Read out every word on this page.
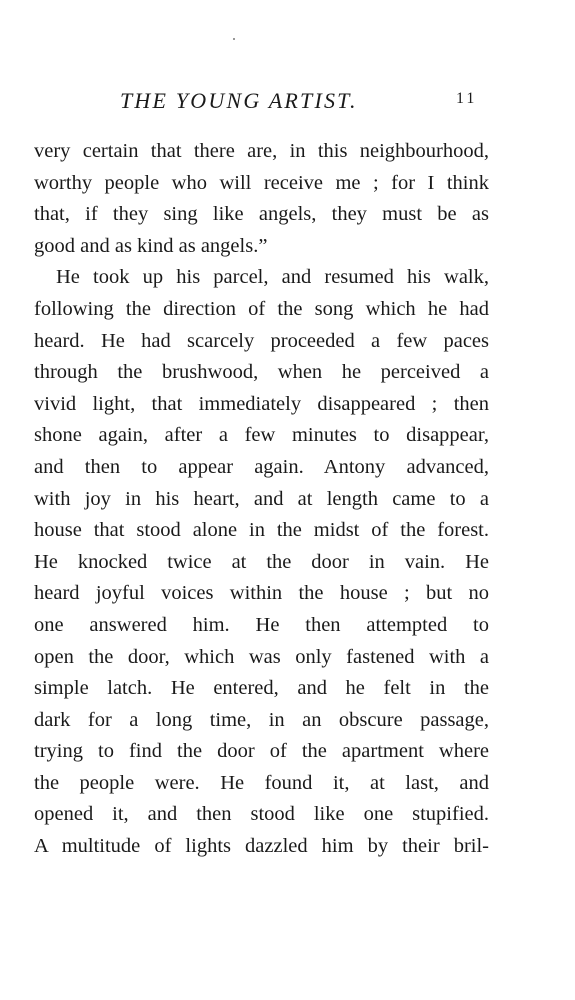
THE YOUNG ARTIST.	11
very certain that there are, in this neighbourhood,
worthy people who will receive me ; for I think
that, if they sing like angels, they must be as
good and as kind as angels.”
He took up his parcel, and resumed his walk,
following the direction of the song which he had
heard. He had scarcely proceeded a few paces
through the brushwood, when he perceived a
vivid light, that immediately disappeared ; then
shone again, after a few minutes to disappear,
and then to appear again. Antony advanced,
with joy in his heart, and at length came to a
house that stood alone in the midst of the forest.
He knocked twice at the door in vain. He
heard joyful voices within the house ; but no
one answered him. He then attempted to
open the door, which was only fastened with a
simple latch. He entered, and he felt in the
dark for a long time, in an obscure passage,
trying to find the door of the apartment where
the people were. He found it, at last, and
opened it, and then stood like one stupified.
A multitude of lights dazzled him by their bril-
